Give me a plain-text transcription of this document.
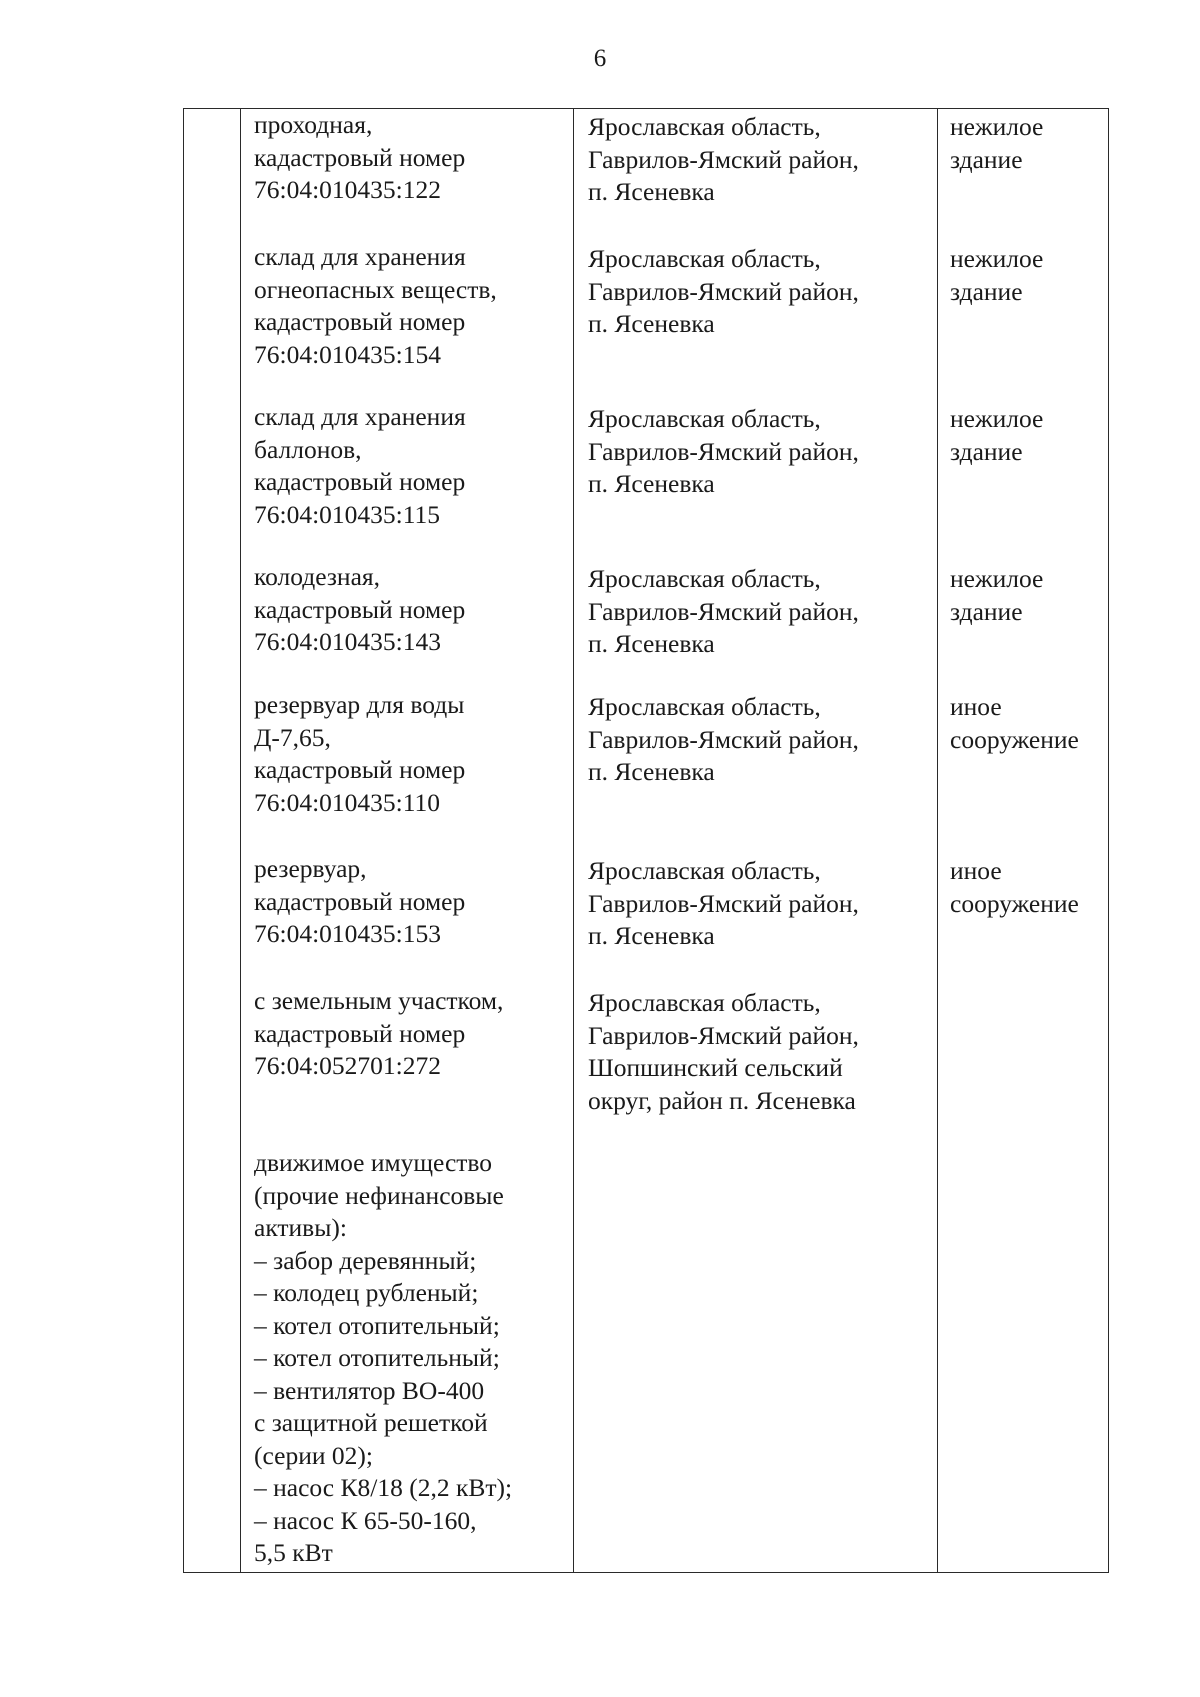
6
проходная,
кадастровый номер
76:04:010435:122
Ярославская область,
Гаврилов-Ямский район,
п. Ясеневка
нежилое
здание
склад для хранения
огнеопасных веществ,
кадастровый номер
76:04:010435:154
Ярославская область,
Гаврилов-Ямский район,
п. Ясеневка
нежилое
здание
склад для хранения
баллонов,
кадастровый номер
76:04:010435:115
Ярославская область,
Гаврилов-Ямский район,
п. Ясеневка
нежилое
здание
колодезная,
кадастровый номер
76:04:010435:143
Ярославская область,
Гаврилов-Ямский район,
п. Ясеневка
нежилое
здание
резервуар для воды
Д-7,65,
кадастровый номер
76:04:010435:110
Ярославская область,
Гаврилов-Ямский район,
п. Ясеневка
иное
сооружение
резервуар,
кадастровый номер
76:04:010435:153
Ярославская область,
Гаврилов-Ямский район,
п. Ясеневка
иное
сооружение
с земельным участком,
кадастровый номер
76:04:052701:272
Ярославская область,
Гаврилов-Ямский район,
Шопшинский сельский
округ, район п. Ясеневка
движимое имущество
(прочие нефинансовые
активы):
– забор деревянный;
– колодец рубленый;
– котел отопительный;
– котел отопительный;
– вентилятор ВО-400
с защитной решеткой
(серии 02);
– насос К8/18 (2,2 кВт);
– насос К 65-50-160,
5,5 кВт
